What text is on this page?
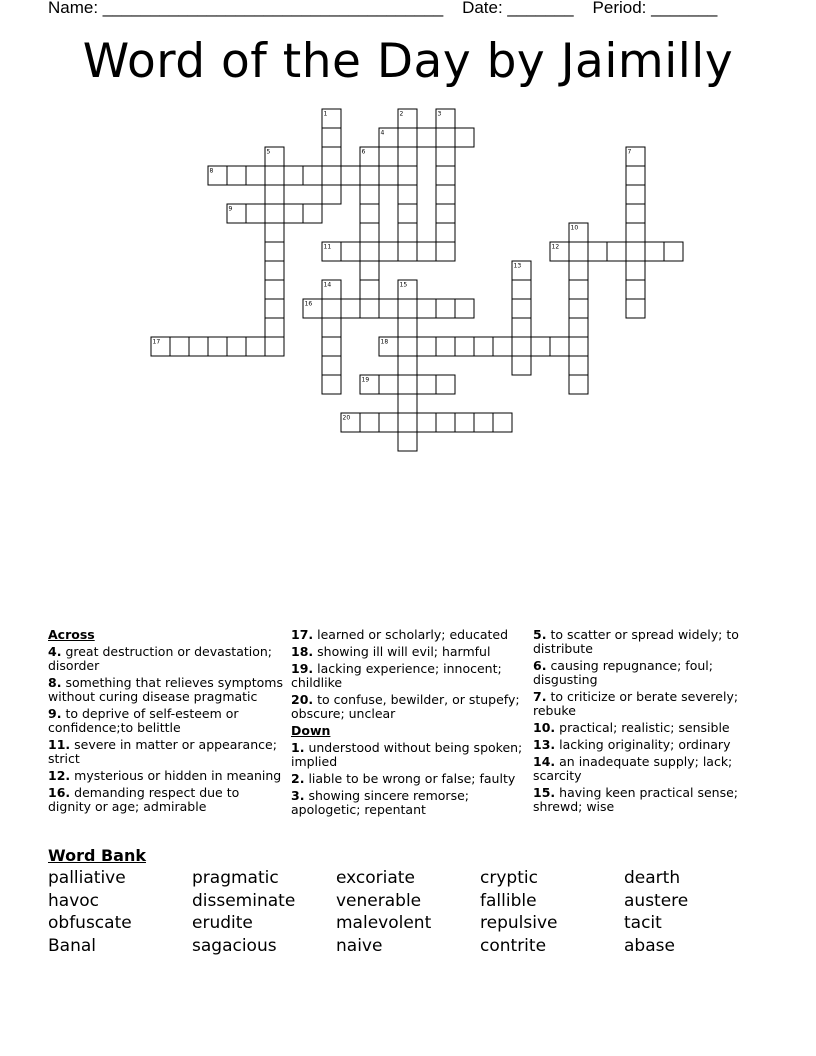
Name: ____________________________________ Date: _______ Period: _______
Word of the Day by Jaimilly
1	2	3
4
5	6	7
8
9
10
11	12
13
14	15
16
17	18
19
20
Across
4. great destruction or devastation; disorder
8. something that relieves symptoms without curing disease pragmatic
9. to deprive of self-esteem or confidence;to belittle
11. severe in matter or appearance; strict
12. mysterious or hidden in meaning
16. demanding respect due to dignity or age; admirable
17. learned or scholarly; educated
18. showing ill will evil; harmful
19. lacking experience; innocent; childlike
20. to confuse, bewilder, or stupefy; obscure; unclear
Down
1. understood without being spoken; implied
2. liable to be wrong or false; faulty
3. showing sincere remorse; apologetic; repentant
5. to scatter or spread widely; to distribute
6. causing repugnance; foul; disgusting
7. to criticize or berate severely; rebuke
10. practical; realistic; sensible
13. lacking originality; ordinary
14. an inadequate supply; lack; scarcity
15. having keen practical sense; shrewd; wise
Word Bank
palliative	pragmatic	excoriate	cryptic	dearth
havoc	disseminate	venerable	fallible	austere
obfuscate	erudite	malevolent	repulsive	tacit
Banal	sagacious	naive	contrite	abase
